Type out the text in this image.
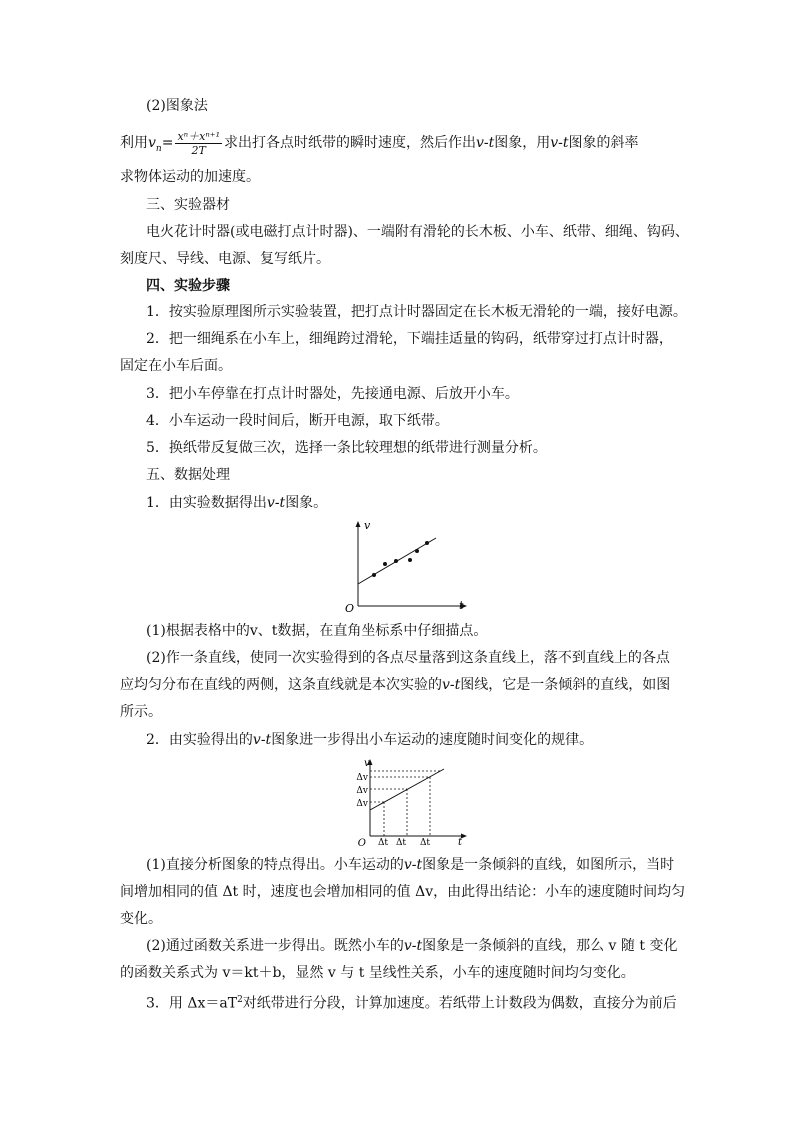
(2)图象法
利用$v_n= \frac{\text{xⁿ＋xⁿ⁺¹}}{2T}$ 求出打各点时纸带的瞬时速度，然后作出v-t图象，用v-t图象的斜率
求物体运动的加速度。
三、实验器材
电火花计时器(或电磁打点计时器)、一端附有滑轮的长木板、小车、纸带、细绳、钩码、
刻度尺、导线、电源、复写纸片。
四、实验步骤
1．按实验原理图所示实验装置，把打点计时器固定在长木板无滑轮的一端，接好电源。
2．把一细绳系在小车上，细绳跨过滑轮，下端挂适量的钩码，纸带穿过打点计时器，
固定在小车后面。
3．把小车停靠在打点计时器处，先接通电源、后放开小车。
4．小车运动一段时间后，断开电源，取下纸带。
5．换纸带反复做三次，选择一条比较理想的纸带进行测量分析。
五、数据处理
1．由实验数据得出v-t图象。
v
t
O
(1)根据表格中的v、t数据，在直角坐标系中仔细描点。
(2)作一条直线，使同一次实验得到的各点尽量落到这条直线上，落不到直线上的各点
应均匀分布在直线的两侧，这条直线就是本次实验的v-t图线，它是一条倾斜的直线，如图
所示。
2．由实验得出的v-t图象进一步得出小车运动的速度随时间变化的规律。
v
t
O
Δv
Δv
Δv
Δt Δt Δt
(1)直接分析图象的特点得出。小车运动的v-t图象是一条倾斜的直线，如图所示，当时
间增加相同的值 Δt 时，速度也会增加相同的值 Δv，由此得出结论：小车的速度随时间均匀
变化。
(2)通过函数关系进一步得出。既然小车的v-t图象是一条倾斜的直线，那么 v 随 t 变化
的函数关系式为 v＝kt＋b，显然 v 与 t 呈线性关系，小车的速度随时间均匀变化。
3．用 $\Delta x=aT^2$对纸带进行分段，计算加速度。若纸带上计数段为偶数，直接分为前后
